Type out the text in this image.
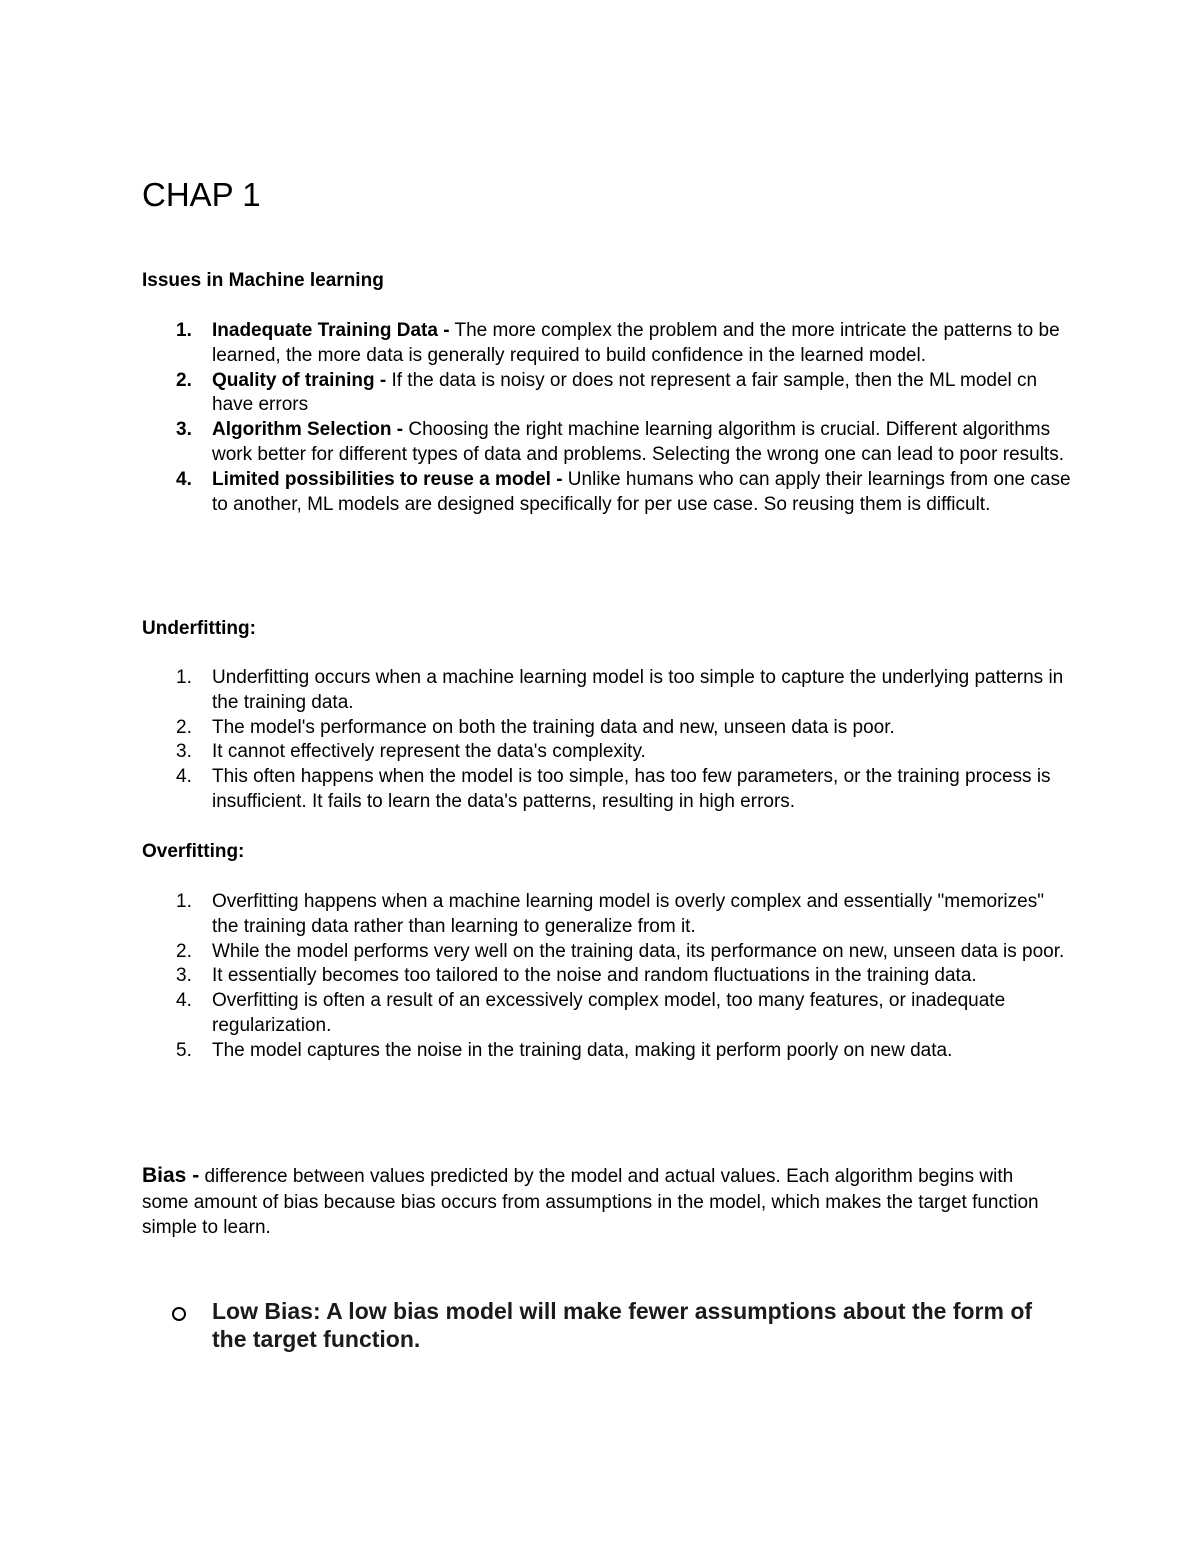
CHAP 1
Issues in Machine learning
1. Inadequate Training Data - The more complex the problem and the more intricate the patterns to be learned, the more data is generally required to build confidence in the learned model.
2. Quality of training - If the data is noisy or does not represent a fair sample, then the ML model cn have errors
3. Algorithm Selection - Choosing the right machine learning algorithm is crucial. Different algorithms work better for different types of data and problems. Selecting the wrong one can lead to poor results.
4. Limited possibilities to reuse a model - Unlike humans who can apply their learnings from one case to another, ML models are designed specifically for per use case. So reusing them is difficult.
Underfitting:
1. Underfitting occurs when a machine learning model is too simple to capture the underlying patterns in the training data.
2. The model's performance on both the training data and new, unseen data is poor.
3. It cannot effectively represent the data's complexity.
4. This often happens when the model is too simple, has too few parameters, or the training process is insufficient. It fails to learn the data's patterns, resulting in high errors.
Overfitting:
1. Overfitting happens when a machine learning model is overly complex and essentially "memorizes" the training data rather than learning to generalize from it.
2. While the model performs very well on the training data, its performance on new, unseen data is poor.
3. It essentially becomes too tailored to the noise and random fluctuations in the training data.
4. Overfitting is often a result of an excessively complex model, too many features, or inadequate regularization.
5. The model captures the noise in the training data, making it perform poorly on new data.

Bias - difference between values predicted by the model and actual values. Each algorithm begins with some amount of bias because bias occurs from assumptions in the model, which makes the target function simple to learn.

Low Bias: A low bias model will make fewer assumptions about the form of the target function.
